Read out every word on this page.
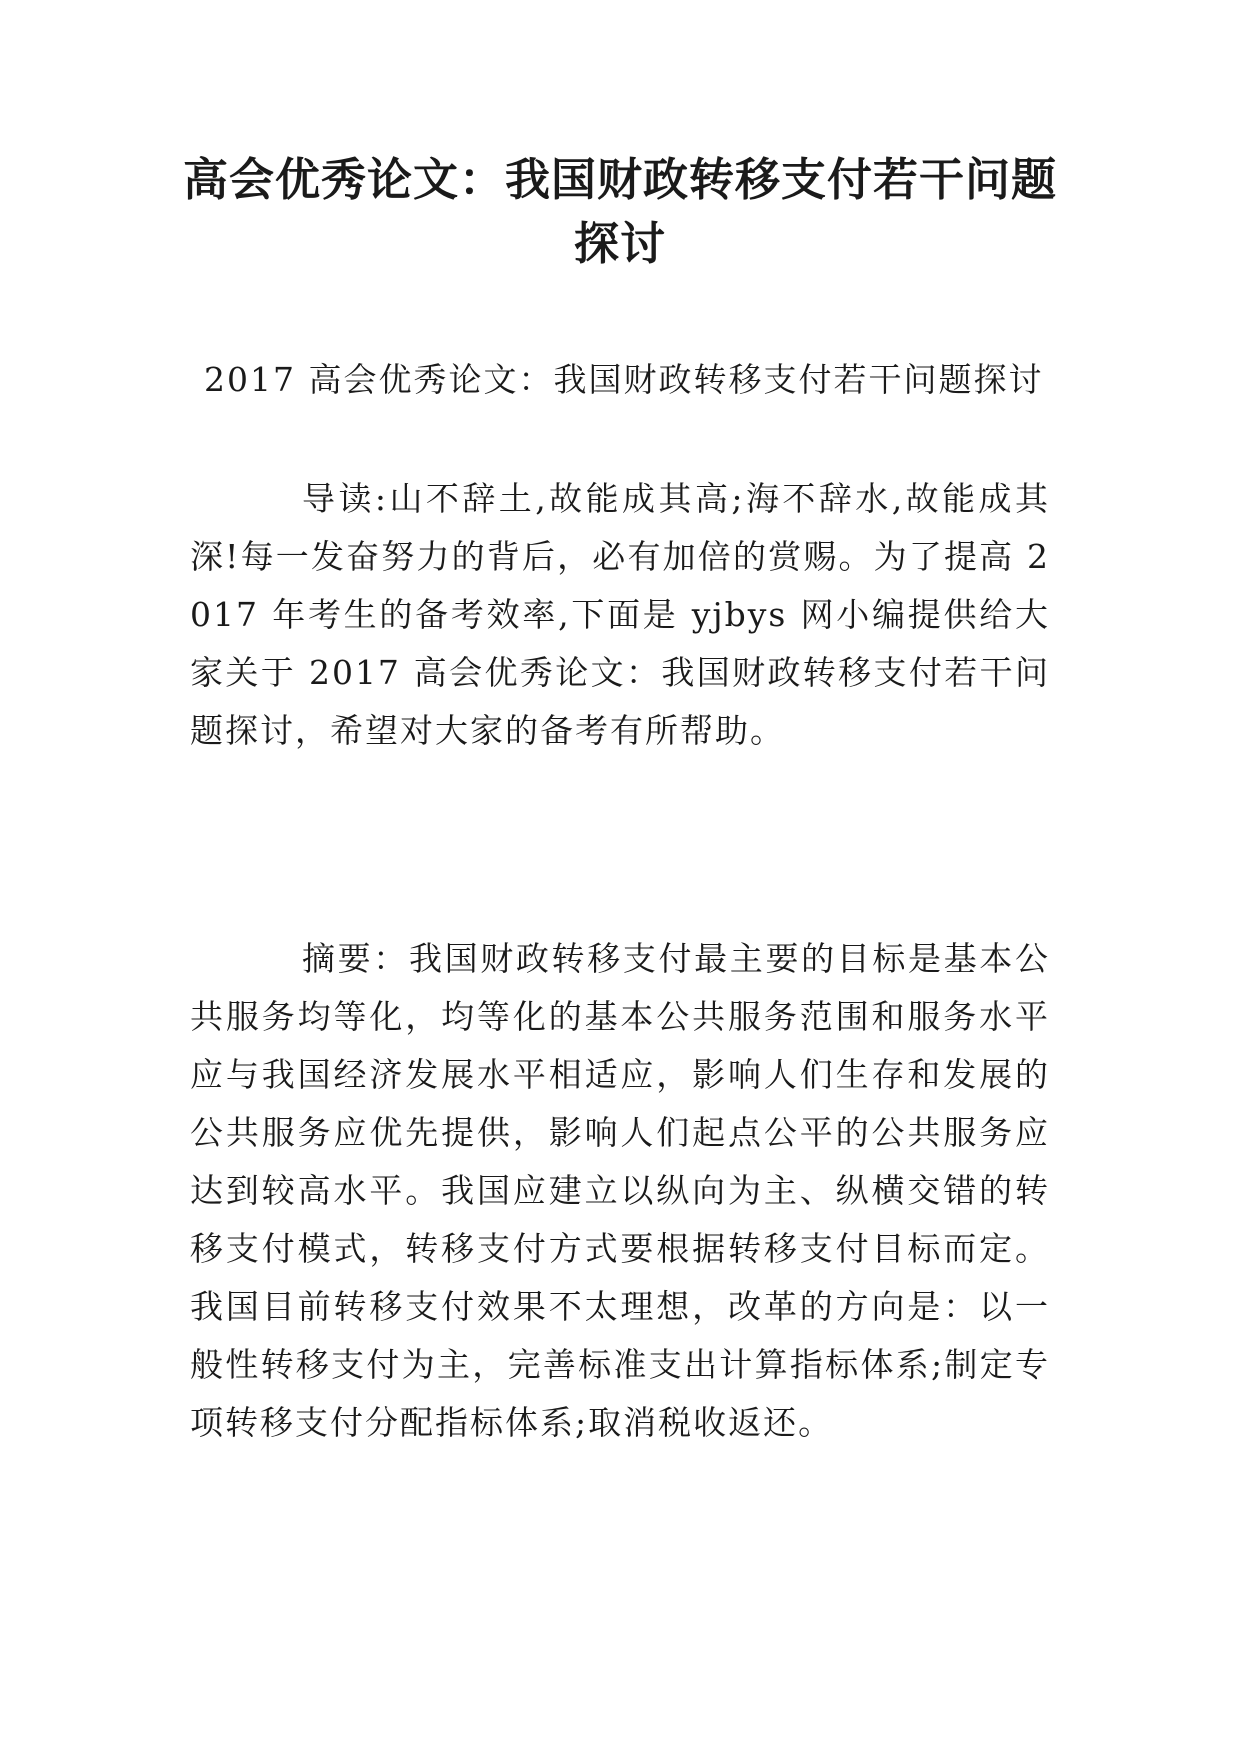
高会优秀论文：我国财政转移支付若干问题探讨

2017 高会优秀论文：我国财政转移支付若干问题探讨

导读:山不辞土,故能成其高;海不辞水,故能成其深!每一发奋努力的背后，必有加倍的赏赐。为了提高 2017 年考生的备考效率,下面是 yjbys 网小编提供给大家关于 2017 高会优秀论文：我国财政转移支付若干问题探讨，希望对大家的备考有所帮助。

摘要：我国财政转移支付最主要的目标是基本公共服务均等化，均等化的基本公共服务范围和服务水平应与我国经济发展水平相适应，影响人们生存和发展的公共服务应优先提供，影响人们起点公平的公共服务应达到较高水平。我国应建立以纵向为主、纵横交错的转移支付模式，转移支付方式要根据转移支付目标而定。我国目前转移支付效果不太理想，改革的方向是：以一般性转移支付为主，完善标准支出计算指标体系;制定专项转移支付分配指标体系;取消税收返还。
